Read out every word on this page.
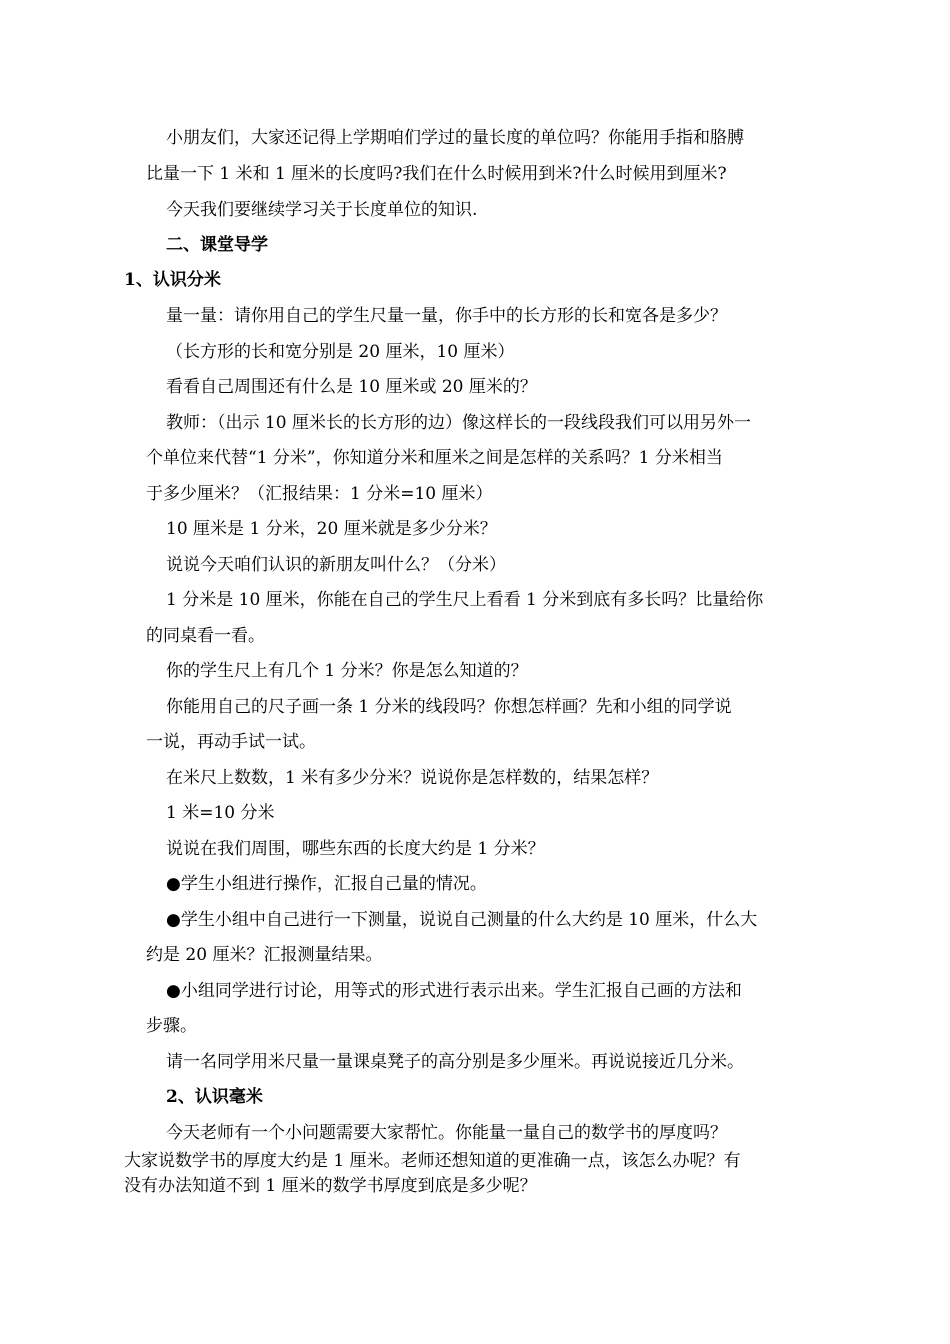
小朋友们，大家还记得上学期咱们学过的量长度的单位吗？你能用手指和胳膊
比量一下 1 米和 1 厘米的长度吗?我们在什么时候用到米?什么时候用到厘米?
今天我们要继续学习关于长度单位的知识.
二、课堂导学
1、认识分米
量一量：请你用自己的学生尺量一量，你手中的长方形的长和宽各是多少？
（长方形的长和宽分别是 20 厘米，10 厘米）
看看自己周围还有什么是 10 厘米或 20 厘米的？
教师：（出示 10 厘米长的长方形的边）像这样长的一段线段我们可以用另外一
个单位来代替“1 分米”，你知道分米和厘米之间是怎样的关系吗？1 分米相当
于多少厘米？（汇报结果：1 分米=10 厘米）
10 厘米是 1 分米，20 厘米就是多少分米？
说说今天咱们认识的新朋友叫什么？（分米）
1 分米是 10 厘米，你能在自己的学生尺上看看 1 分米到底有多长吗？比量给你
的同桌看一看。
你的学生尺上有几个 1 分米？你是怎么知道的？
你能用自己的尺子画一条 1 分米的线段吗？你想怎样画？先和小组的同学说
一说，再动手试一试。
在米尺上数数，1 米有多少分米？说说你是怎样数的，结果怎样？
1 米=10 分米
说说在我们周围，哪些东西的长度大约是 1 分米？
●学生小组进行操作，汇报自己量的情况。
●学生小组中自己进行一下测量，说说自己测量的什么大约是 10 厘米，什么大
约是 20 厘米？汇报测量结果。
●小组同学进行讨论，用等式的形式进行表示出来。学生汇报自己画的方法和
步骤。
请一名同学用米尺量一量课桌凳子的高分别是多少厘米。再说说接近几分米。
2、认识毫米
今天老师有一个小问题需要大家帮忙。你能量一量自己的数学书的厚度吗？
大家说数学书的厚度大约是 1 厘米。老师还想知道的更准确一点，该怎么办呢？有
没有办法知道不到 1 厘米的数学书厚度到底是多少呢？
